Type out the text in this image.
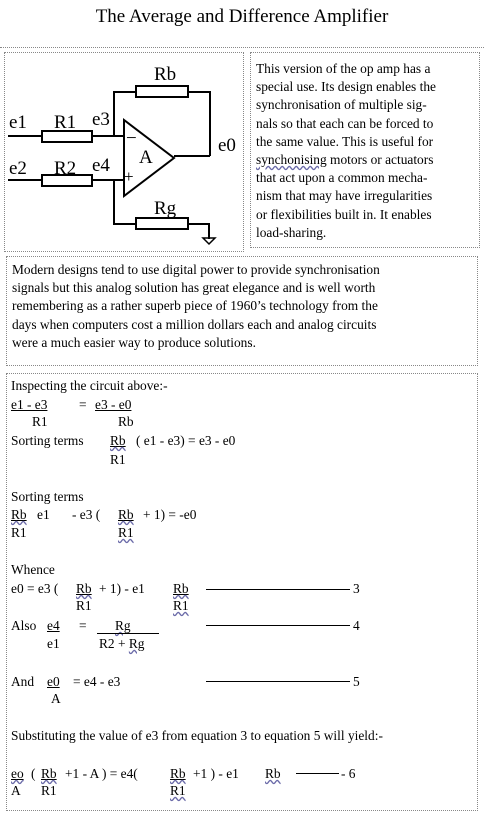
The Average and Difference Amplifier
Rb
e1 R1 e3
e2 R2 e4 A
−
+
e0
Rg
This version of the op amp has a
special use. Its design enables the
synchronisation of multiple sig-
nals so that each can be forced to
the same value. This is useful for
synchonising motors or actuators
that act upon a common mecha-
nism that may have irregularities
or flexibilities built in. It enables
load-sharing.
Modern designs tend to use digital power to provide synchronisation
signals but this analog solution has great elegance and is well worth
remembering as a rather superb piece of 1960’s technology from the
days when computers cost a million dollars each and analog circuits
were a much easier way to produce solutions.
Inspecting the circuit above:-
e1 - e3 = e3 - e0
R1	Rb
Sorting terms Rb ( e1 - e3) = e3 - e0
R1
Sorting terms
Rb e1 - e3 ( Rb + 1) = -e0
R1	R1
Whence
e0 = e3 ( Rb + 1) - e1 Rb
R1	R1
3
Also e4 = Rg
e1	R2 + Rg
4
And e0 = e4 - e3
A
5
Substituting the value of e3 from equation 3 to equation 5 will yield:-
eo ( Rb +1 - A ) = e4( Rb +1 ) - e1 Rb	- 6
A R1	R1
